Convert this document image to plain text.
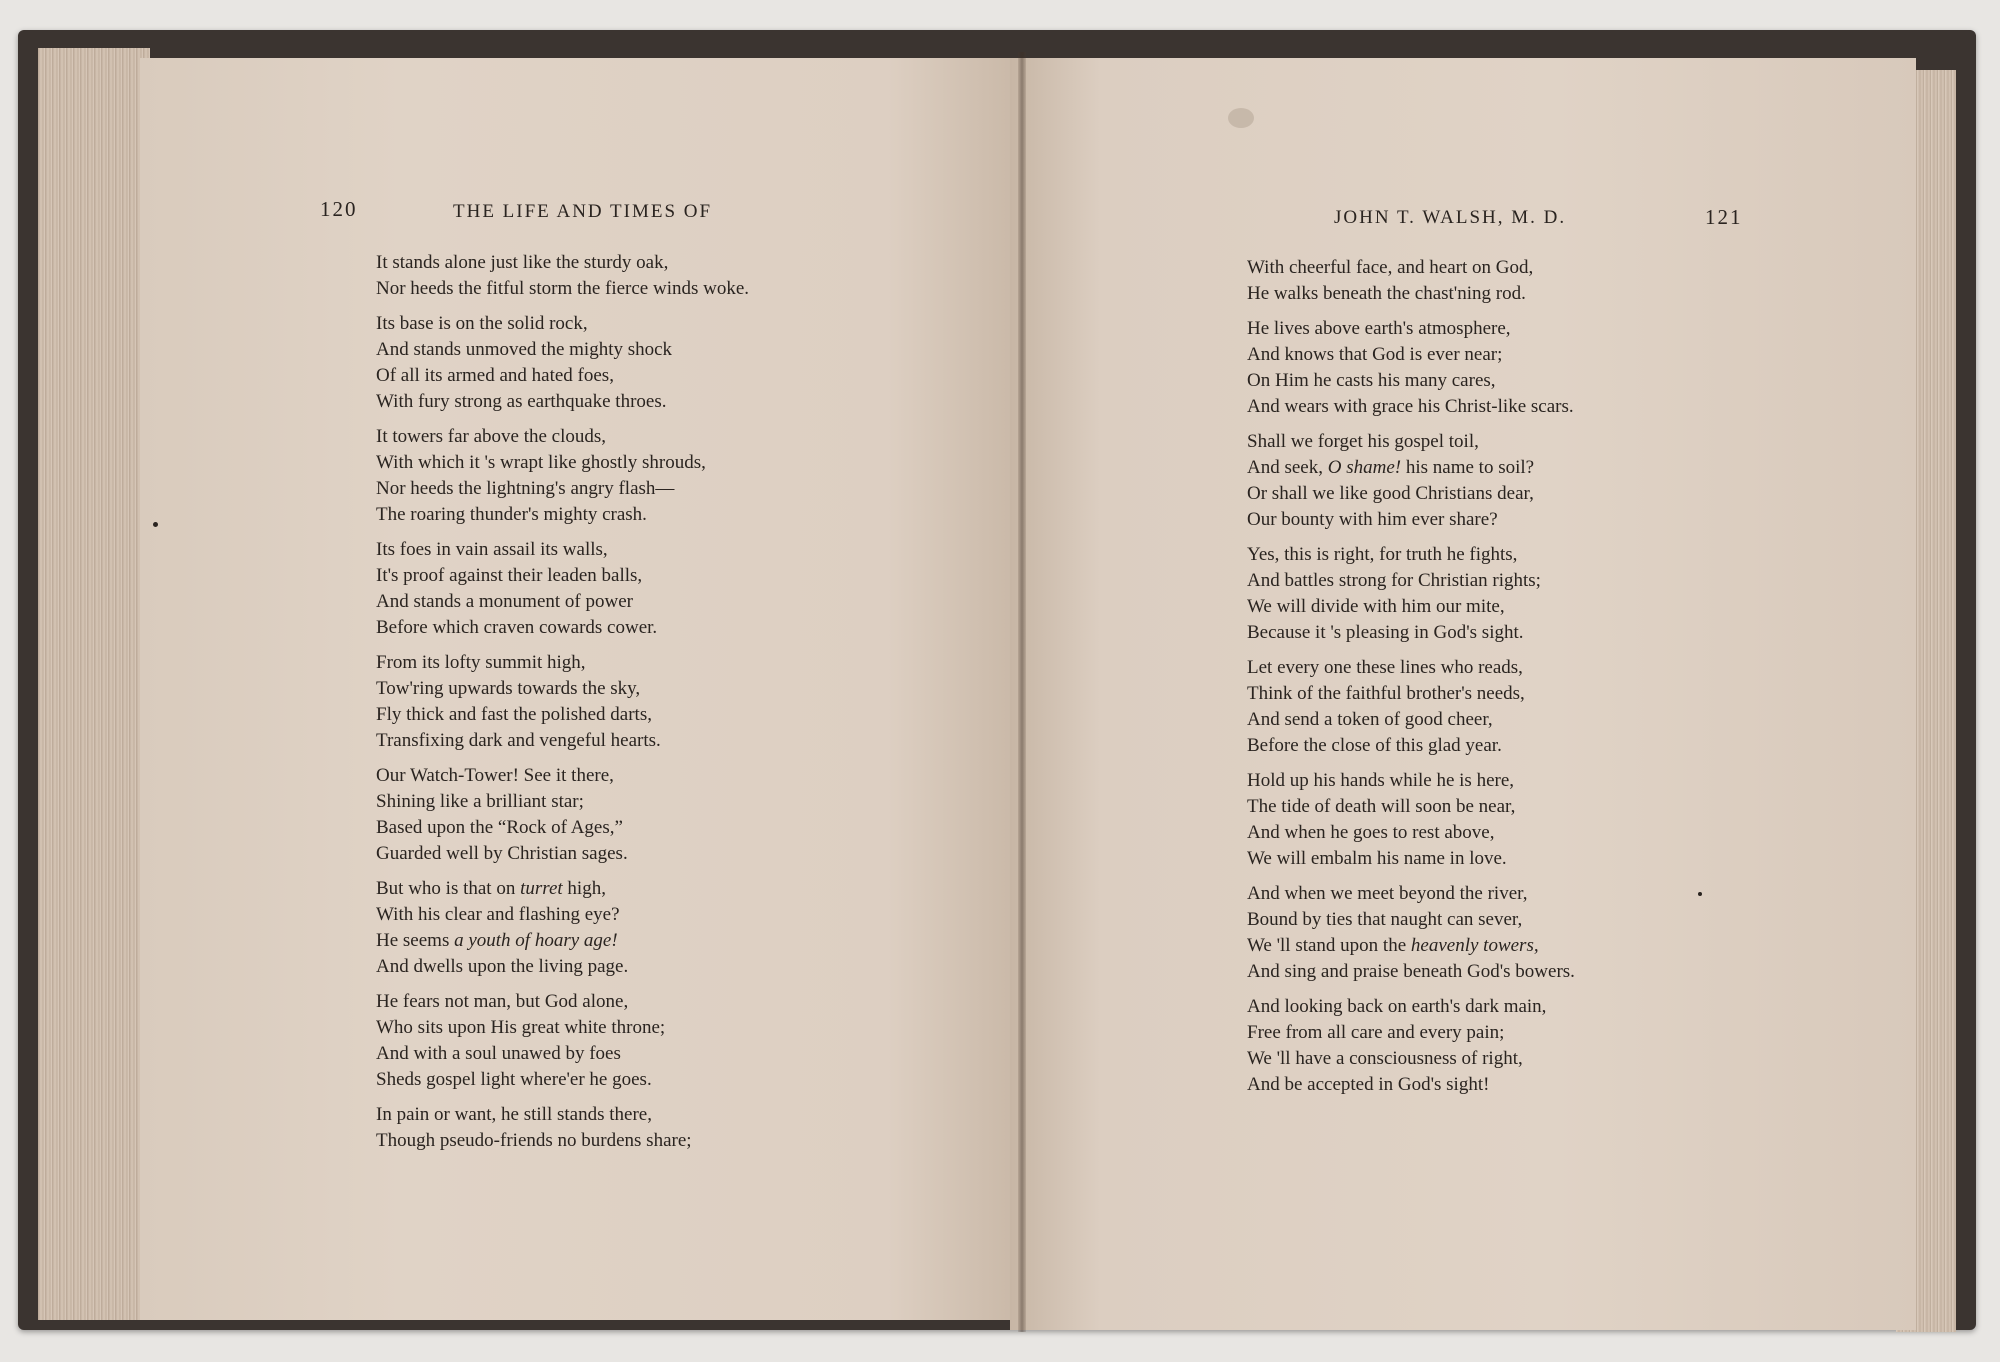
120	THE LIFE AND TIMES OF	JOHN T. WALSH, M. D.	121
It stands alone just like the sturdy oak,
Nor heeds the fitful storm the fierce winds woke.
Its base is on the solid rock,
And stands unmoved the mighty shock
Of all its armed and hated foes,
With fury strong as earthquake throes.
It towers far above the clouds,
With which it 's wrapt like ghostly shrouds,
Nor heeds the lightning's angry flash—
The roaring thunder's mighty crash.
Its foes in vain assail its walls,
It's proof against their leaden balls,
And stands a monument of power
Before which craven cowards cower.
From its lofty summit high,
Tow'ring upwards towards the sky,
Fly thick and fast the polished darts,
Transfixing dark and vengeful hearts.
Our Watch-Tower! See it there,
Shining like a brilliant star;
Based upon the “Rock of Ages,”
Guarded well by Christian sages.
But who is that on turret high,
With his clear and flashing eye?
He seems a youth of hoary age!
And dwells upon the living page.
He fears not man, but God alone,
Who sits upon His great white throne;
And with a soul unawed by foes
Sheds gospel light where'er he goes.
In pain or want, he still stands there,
Though pseudo-friends no burdens share;
With cheerful face, and heart on God,
He walks beneath the chast'ning rod.
He lives above earth's atmosphere,
And knows that God is ever near;
On Him he casts his many cares,
And wears with grace his Christ-like scars.
Shall we forget his gospel toil,
And seek, O shame! his name to soil?
Or shall we like good Christians dear,
Our bounty with him ever share?
Yes, this is right, for truth he fights,
And battles strong for Christian rights;
We will divide with him our mite,
Because it 's pleasing in God's sight.
Let every one these lines who reads,
Think of the faithful brother's needs,
And send a token of good cheer,
Before the close of this glad year.
Hold up his hands while he is here,
The tide of death will soon be near,
And when he goes to rest above,
We will embalm his name in love.
And when we meet beyond the river,
Bound by ties that naught can sever,
We 'll stand upon the heavenly towers,
And sing and praise beneath God's bowers.
And looking back on earth's dark main,
Free from all care and every pain;
We 'll have a consciousness of right,
And be accepted in God's sight!
